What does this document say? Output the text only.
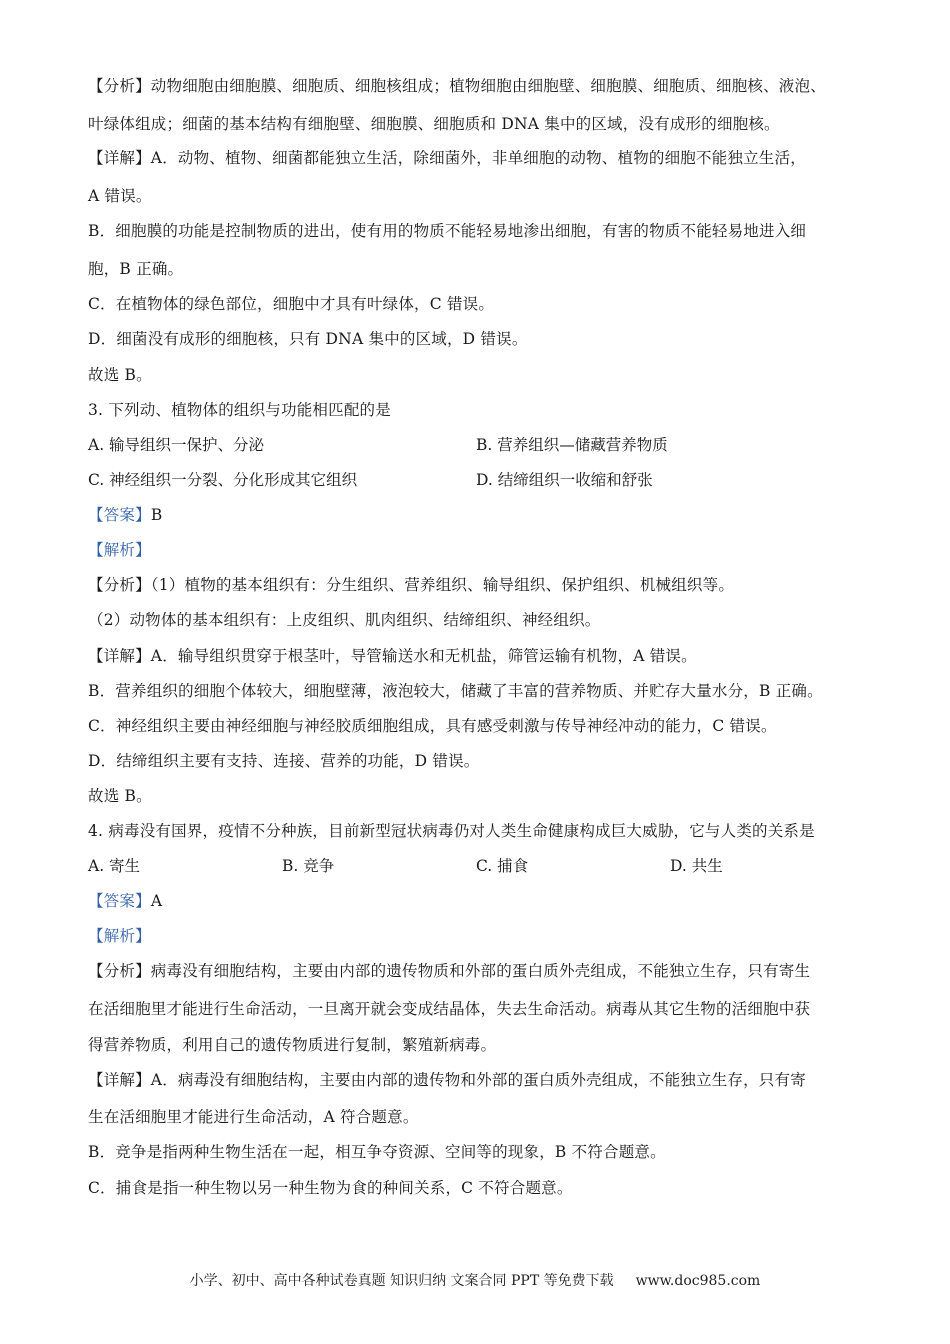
【分析】动物细胞由细胞膜、细胞质、细胞核组成；植物细胞由细胞壁、细胞膜、细胞质、细胞核、液泡、
叶绿体组成；细菌的基本结构有细胞壁、细胞膜、细胞质和 DNA 集中的区域，没有成形的细胞核。
【详解】A．动物、植物、细菌都能独立生活，除细菌外，非单细胞的动物、植物的细胞不能独立生活，
A 错误。
B．细胞膜的功能是控制物质的进出，使有用的物质不能轻易地渗出细胞，有害的物质不能轻易地进入细
胞，B 正确。
C．在植物体的绿色部位，细胞中才具有叶绿体，C 错误。
D．细菌没有成形的细胞核，只有 DNA 集中的区域，D 错误。
故选 B。
3. 下列动、植物体的组织与功能相匹配的是
A. 输导组织一保护、分泌	B. 营养组织—储藏营养物质
C. 神经组织一分裂、分化形成其它组织	D. 结缔组织一收缩和舒张
【答案】B
【解析】
【分析】（1）植物的基本组织有：分生组织、营养组织、输导组织、保护组织、机械组织等。
（2）动物体的基本组织有：上皮组织、肌肉组织、结缔组织、神经组织。
【详解】A．输导组织贯穿于根茎叶，导管输送水和无机盐，筛管运输有机物，A 错误。
B．营养组织的细胞个体较大，细胞壁薄，液泡较大，储藏了丰富的营养物质、并贮存大量水分，B 正确。
C．神经组织主要由神经细胞与神经胶质细胞组成，具有感受刺激与传导神经冲动的能力，C 错误。
D．结缔组织主要有支持、连接、营养的功能，D 错误。
故选 B。
4. 病毒没有国界，疫情不分种族，目前新型冠状病毒仍对人类生命健康构成巨大威胁，它与人类的关系是
A. 寄生	B. 竞争	C. 捕食	D. 共生
【答案】A
【解析】
【分析】病毒没有细胞结构，主要由内部的遗传物质和外部的蛋白质外壳组成，不能独立生存，只有寄生
在活细胞里才能进行生命活动，一旦离开就会变成结晶体，失去生命活动。病毒从其它生物的活细胞中获
得营养物质，利用自己的遗传物质进行复制，繁殖新病毒。
【详解】A．病毒没有细胞结构，主要由内部的遗传物和外部的蛋白质外壳组成，不能独立生存，只有寄
生在活细胞里才能进行生命活动，A 符合题意。
B．竞争是指两种生物生活在一起，相互争夺资源、空间等的现象，B 不符合题意。
C．捕食是指一种生物以另一种生物为食的种间关系，C 不符合题意。
小学、初中、高中各种试卷真题 知识归纳 文案合同 PPT 等免费下载 www.doc985.com
